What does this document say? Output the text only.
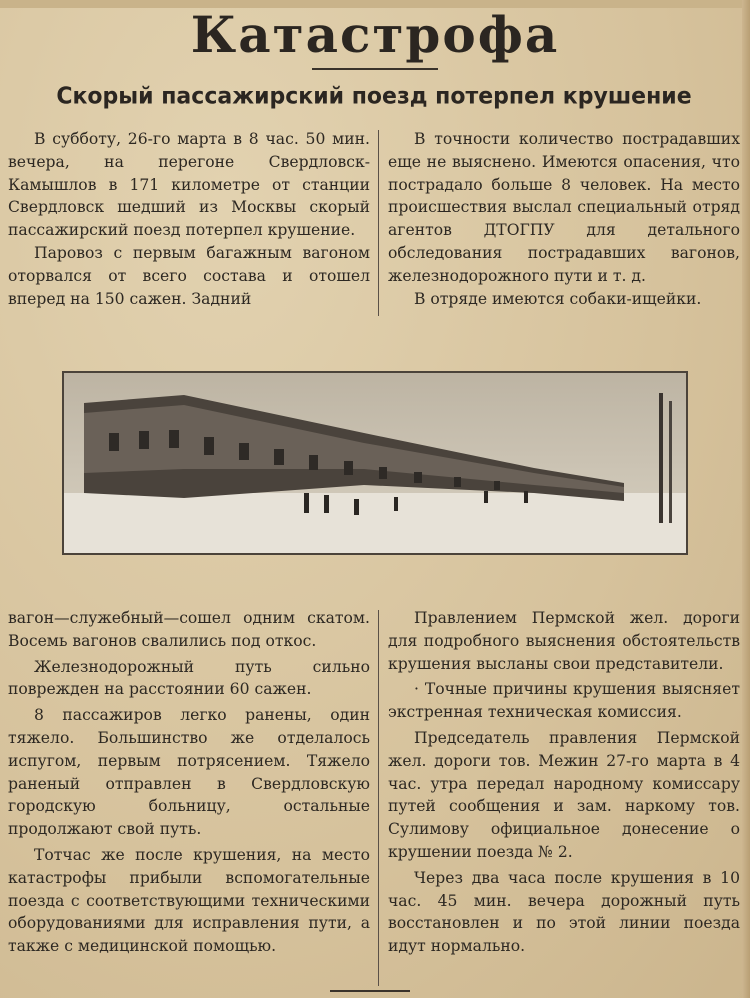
Катастрофа
Скорый пассажирский поезд потерпел крушение

В субботу, 26-го марта в 8 час. 50 мин. вечера, на перегоне Свердловск-Камышлов в 171 километре от станции Свердловск шедший из Москвы скорый пассажирский поезд потерпел крушение.

Паровоз с первым багажным вагоном оторвался от всего состава и отошел вперед на 150 сажен. Задний

В точности количество пострадавших еще не выяснено. Имеются опасения, что пострадало больше 8 человек. На место происшествия выслал специальный отряд агентов ДТОГПУ для детального обследования пострадавших вагонов, железнодорожного пути и т. д.

В отряде имеются собаки-ищейки.

вагон—служебный—сошел одним скатом. Восемь вагонов свалились под откос.

Железнодорожный путь сильно поврежден на расстоянии 60 сажен.

8 пассажиров легко ранены, один тяжело. Большинство же отделалось испугом, первым потрясением. Тяжело раненый отправлен в Свердловскую городскую больницу, остальные продолжают свой путь.

Тотчас же после крушения, на место катастрофы прибыли вспомогательные поезда с соответствующими техническими оборудованиями для исправления пути, а также с медицинской помощью.

Правлением Пермской жел. дороги для подробного выяснения обстоятельств крушения высланы свои представители.

· Точные причины крушения выясняет экстренная техническая комиссия.

Председатель правления Пермской жел. дороги тов. Межин 27-го марта в 4 час. утра передал народному комиссару путей сообщения и зам. наркому тов. Сулимову официальное донесение о крушении поезда № 2.

Через два часа после крушения в 10 час. 45 мин. вечера дорожный путь восстановлен и по этой линии поезда идут нормально.
